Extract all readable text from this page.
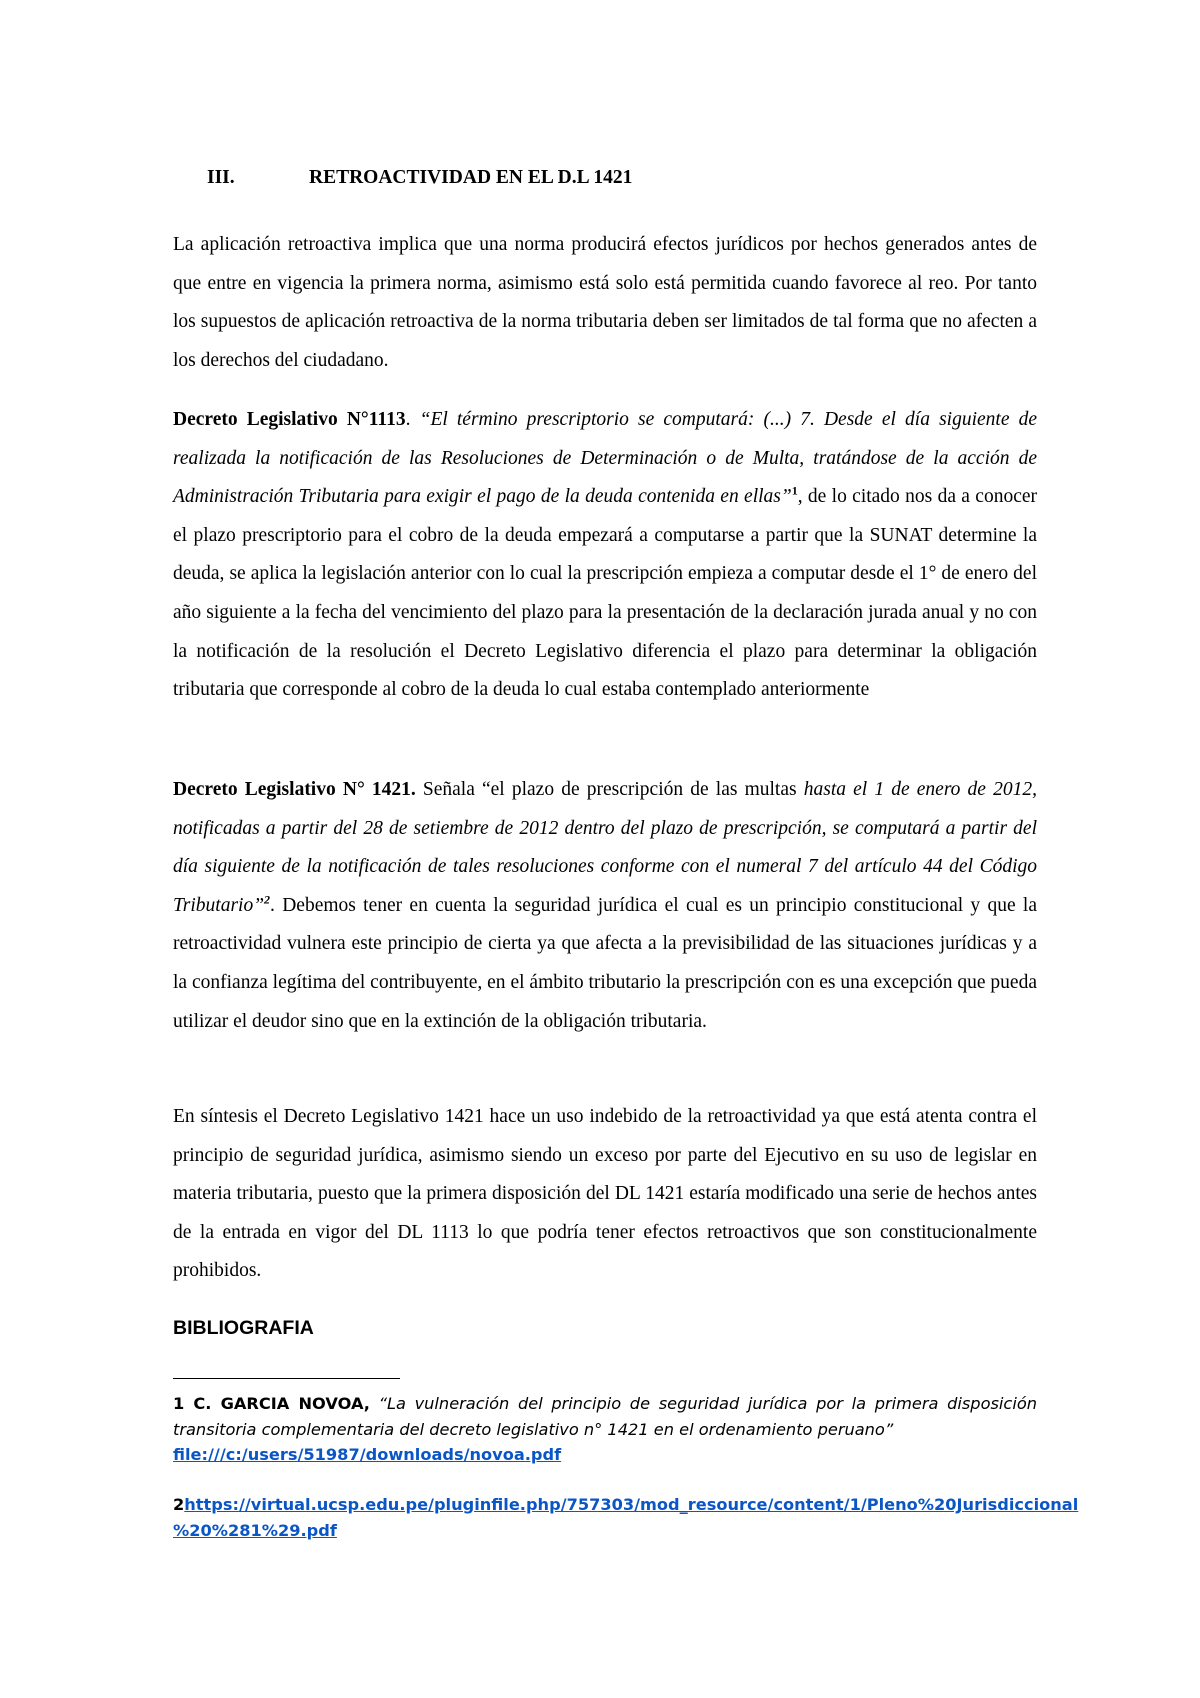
III.	RETROACTIVIDAD EN EL D.L 1421

La aplicación retroactiva implica que una norma producirá efectos jurídicos por hechos generados antes de que entre en vigencia la primera norma, asimismo está solo está permitida cuando favorece al reo. Por tanto los supuestos de aplicación retroactiva de la norma tributaria deben ser limitados de tal forma que no afecten a los derechos del ciudadano.

Decreto Legislativo N°1113. “El término prescriptorio se computará: (...) 7. Desde el día siguiente de realizada la notificación de las Resoluciones de Determinación o de Multa, tratándose de la acción de Administración Tributaria para exigir el pago de la deuda contenida en ellas”$^1$, de lo citado nos da a conocer el plazo prescriptorio para el cobro de la deuda empezará a computarse a partir que la SUNAT determine la deuda, se aplica la legislación anterior con lo cual la prescripción empieza a computar desde el 1° de enero del año siguiente a la fecha del vencimiento del plazo para la presentación de la declaración jurada anual y no con la notificación de la resolución el Decreto Legislativo diferencia el plazo para determinar la obligación tributaria que corresponde al cobro de la deuda lo cual estaba contemplado anteriormente

Decreto Legislativo N° 1421. Señala “el plazo de prescripción de las multas hasta el 1 de enero de 2012, notificadas a partir del 28 de setiembre de 2012 dentro del plazo de prescripción, se computará a partir del día siguiente de la notificación de tales resoluciones conforme con el numeral 7 del artículo 44 del Código Tributario”$^2$. Debemos tener en cuenta la seguridad jurídica el cual es un principio constitucional y que la retroactividad vulnera este principio de cierta ya que afecta a la previsibilidad de las situaciones jurídicas y a la confianza legítima del contribuyente, en el ámbito tributario la prescripción con es una excepción que pueda utilizar el deudor sino que en la extinción de la obligación tributaria.

En síntesis el Decreto Legislativo 1421 hace un uso indebido de la retroactividad ya que está atenta contra el principio de seguridad jurídica, asimismo siendo un exceso por parte del Ejecutivo en su uso de legislar en materia tributaria, puesto que la primera disposición del DL 1421 estaría modificado una serie de hechos antes de la entrada en vigor del DL 1113 lo que podría tener efectos retroactivos que son constitucionalmente prohibidos.

BIBLIOGRAFIA

1 C. GARCIA NOVOA, “La vulneración del principio de seguridad jurídica por la primera disposición transitoria complementaria del decreto legislativo n° 1421 en el ordenamiento peruano”
file:///c:/users/51987/downloads/novoa.pdf

2https://virtual.ucsp.edu.pe/pluginfile.php/757303/mod_resource/content/1/Pleno%20Jurisdiccional
%20%281%29.pdf
